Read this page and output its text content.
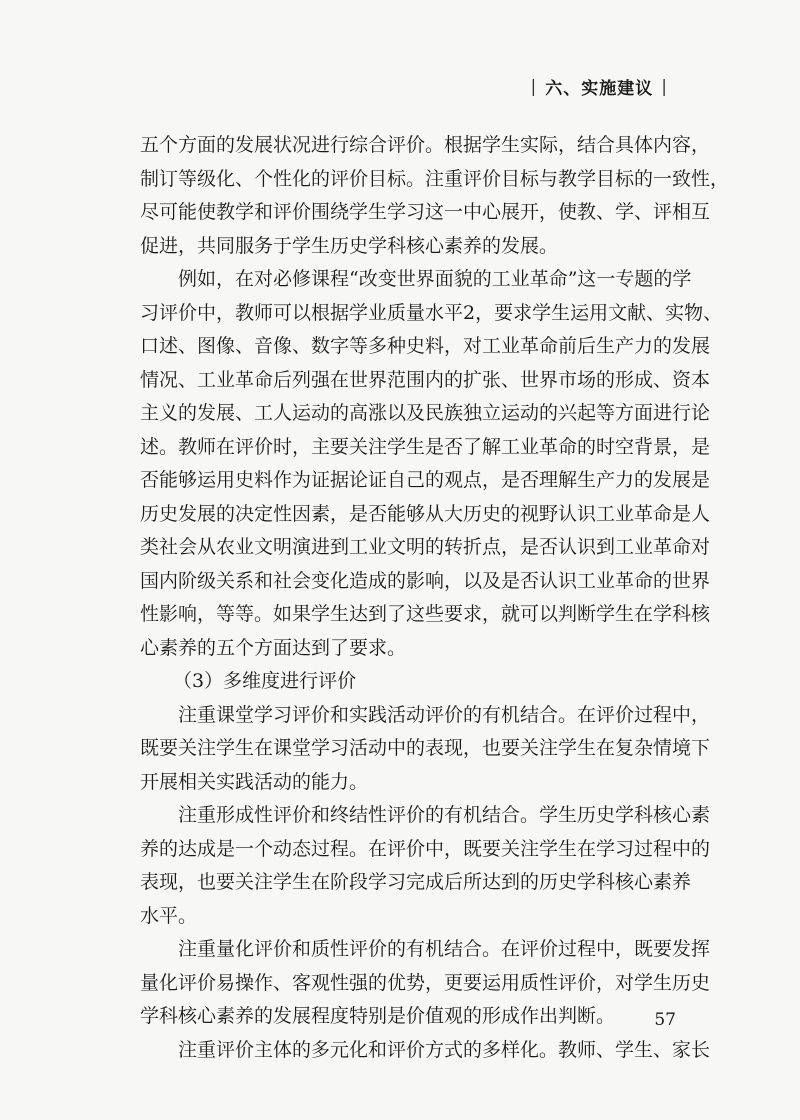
| 六、实施建议 |
五个方面的发展状况进行综合评价。根据学生实际，结合具体内容，
制订等级化、个性化的评价目标。注重评价目标与教学目标的一致性，
尽可能使教学和评价围绕学生学习这一中心展开，使教、学、评相互
促进，共同服务于学生历史学科核心素养的发展。
例如，在对必修课程“改变世界面貌的工业革命”这一专题的学
习评价中，教师可以根据学业质量水平2，要求学生运用文献、实物、
口述、图像、音像、数字等多种史料，对工业革命前后生产力的发展
情况、工业革命后列强在世界范围内的扩张、世界市场的形成、资本
主义的发展、工人运动的高涨以及民族独立运动的兴起等方面进行论
述。教师在评价时，主要关注学生是否了解工业革命的时空背景，是
否能够运用史料作为证据论证自己的观点，是否理解生产力的发展是
历史发展的决定性因素，是否能够从大历史的视野认识工业革命是人
类社会从农业文明演进到工业文明的转折点，是否认识到工业革命对
国内阶级关系和社会变化造成的影响，以及是否认识工业革命的世界
性影响，等等。如果学生达到了这些要求，就可以判断学生在学科核
心素养的五个方面达到了要求。
（3）多维度进行评价
注重课堂学习评价和实践活动评价的有机结合。在评价过程中，
既要关注学生在课堂学习活动中的表现，也要关注学生在复杂情境下
开展相关实践活动的能力。
注重形成性评价和终结性评价的有机结合。学生历史学科核心素
养的达成是一个动态过程。在评价中，既要关注学生在学习过程中的
表现，也要关注学生在阶段学习完成后所达到的历史学科核心素养
水平。
注重量化评价和质性评价的有机结合。在评价过程中，既要发挥
量化评价易操作、客观性强的优势，更要运用质性评价，对学生历史
学科核心素养的发展程度特别是价值观的形成作出判断。
注重评价主体的多元化和评价方式的多样化。教师、学生、家长
57
